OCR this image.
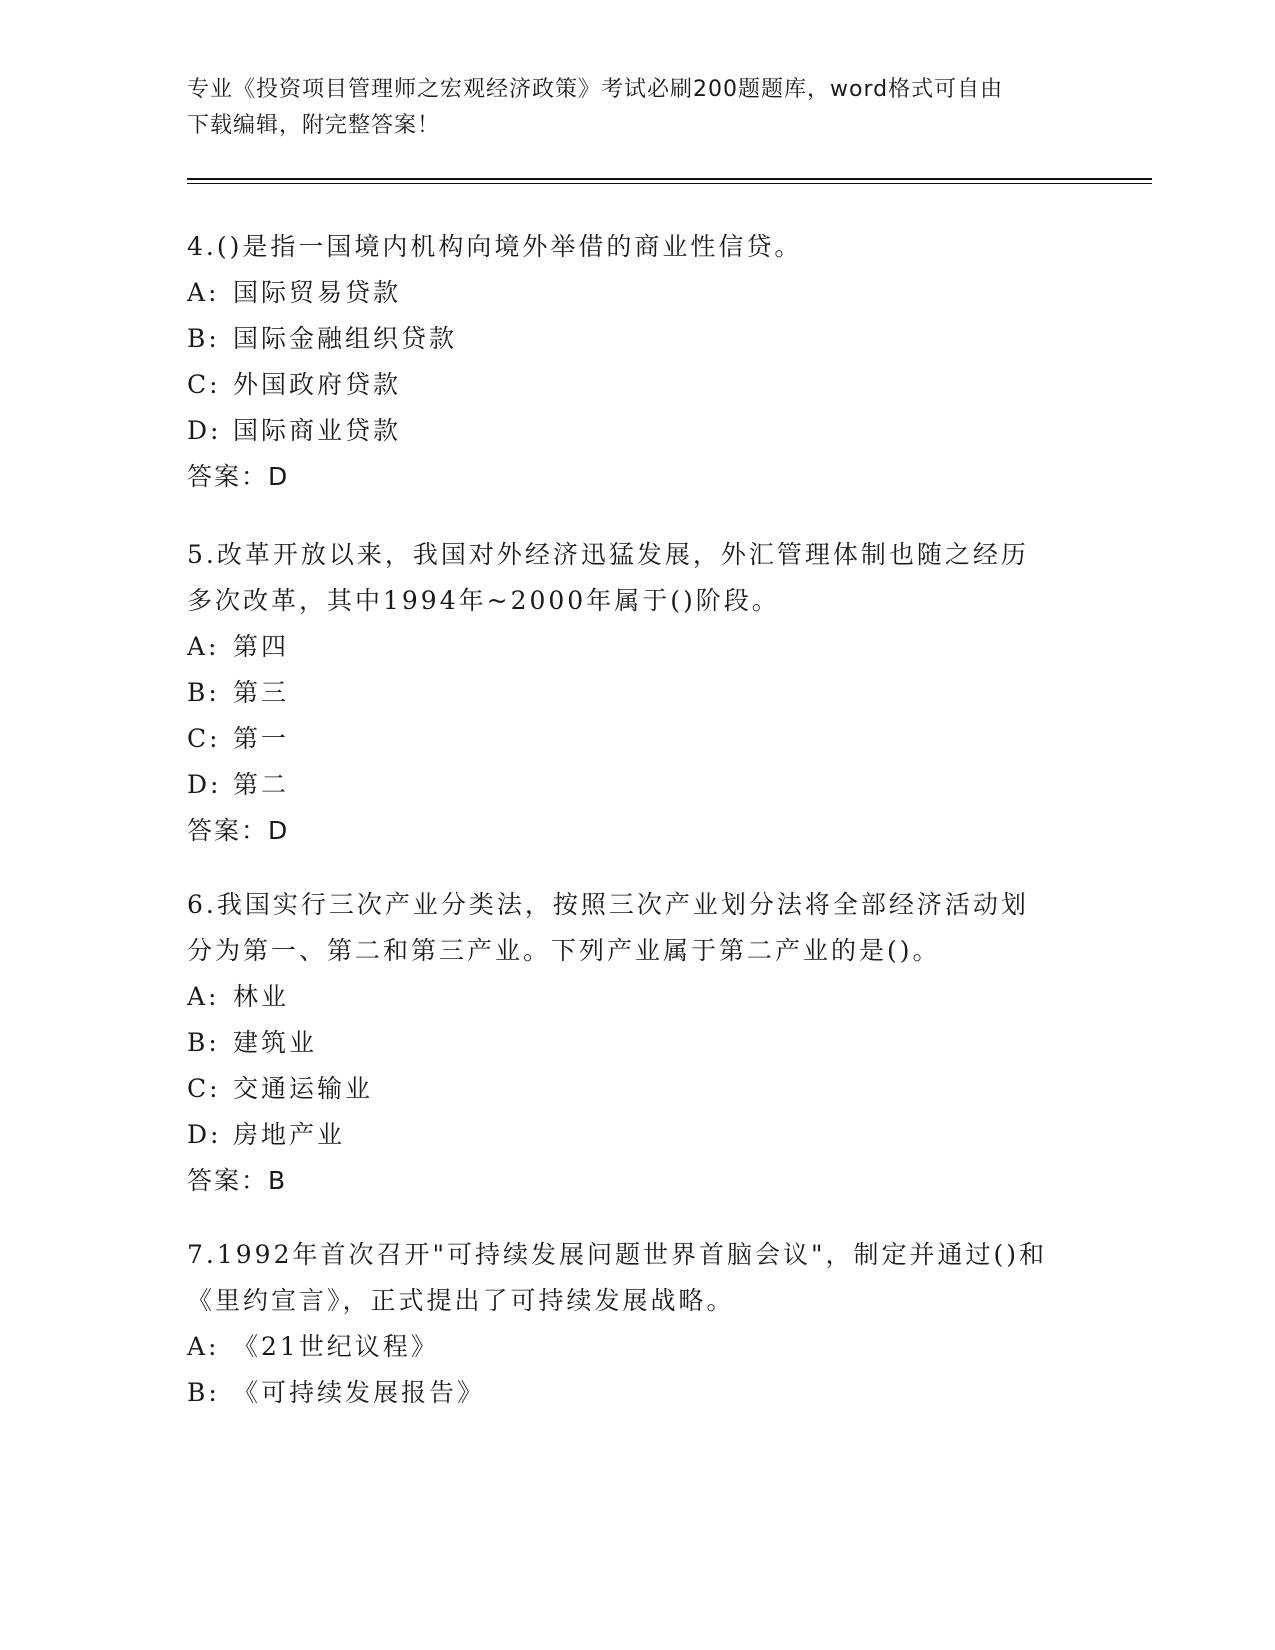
专业《投资项目管理师之宏观经济政策》考试必刷200题题库，word格式可自由
下载编辑，附完整答案！

4.()是指一国境内机构向境外举借的商业性信贷。

A: 国际贸易贷款

B: 国际金融组织贷款

C: 外国政府贷款

D: 国际商业贷款

答案：D

5.改革开放以来，我国对外经济迅猛发展，外汇管理体制也随之经历

多次改革，其中1994年~2000年属于()阶段。

A: 第四

B: 第三

C: 第一

D: 第二

答案：D

6.我国实行三次产业分类法，按照三次产业划分法将全部经济活动划

分为第一、第二和第三产业。下列产业属于第二产业的是()。

A: 林业

B: 建筑业

C: 交通运输业

D: 房地产业

答案：B

7.1992年首次召开"可持续发展问题世界首脑会议"，制定并通过()和

《里约宣言》，正式提出了可持续发展战略。

A: 《21世纪议程》

B: 《可持续发展报告》
